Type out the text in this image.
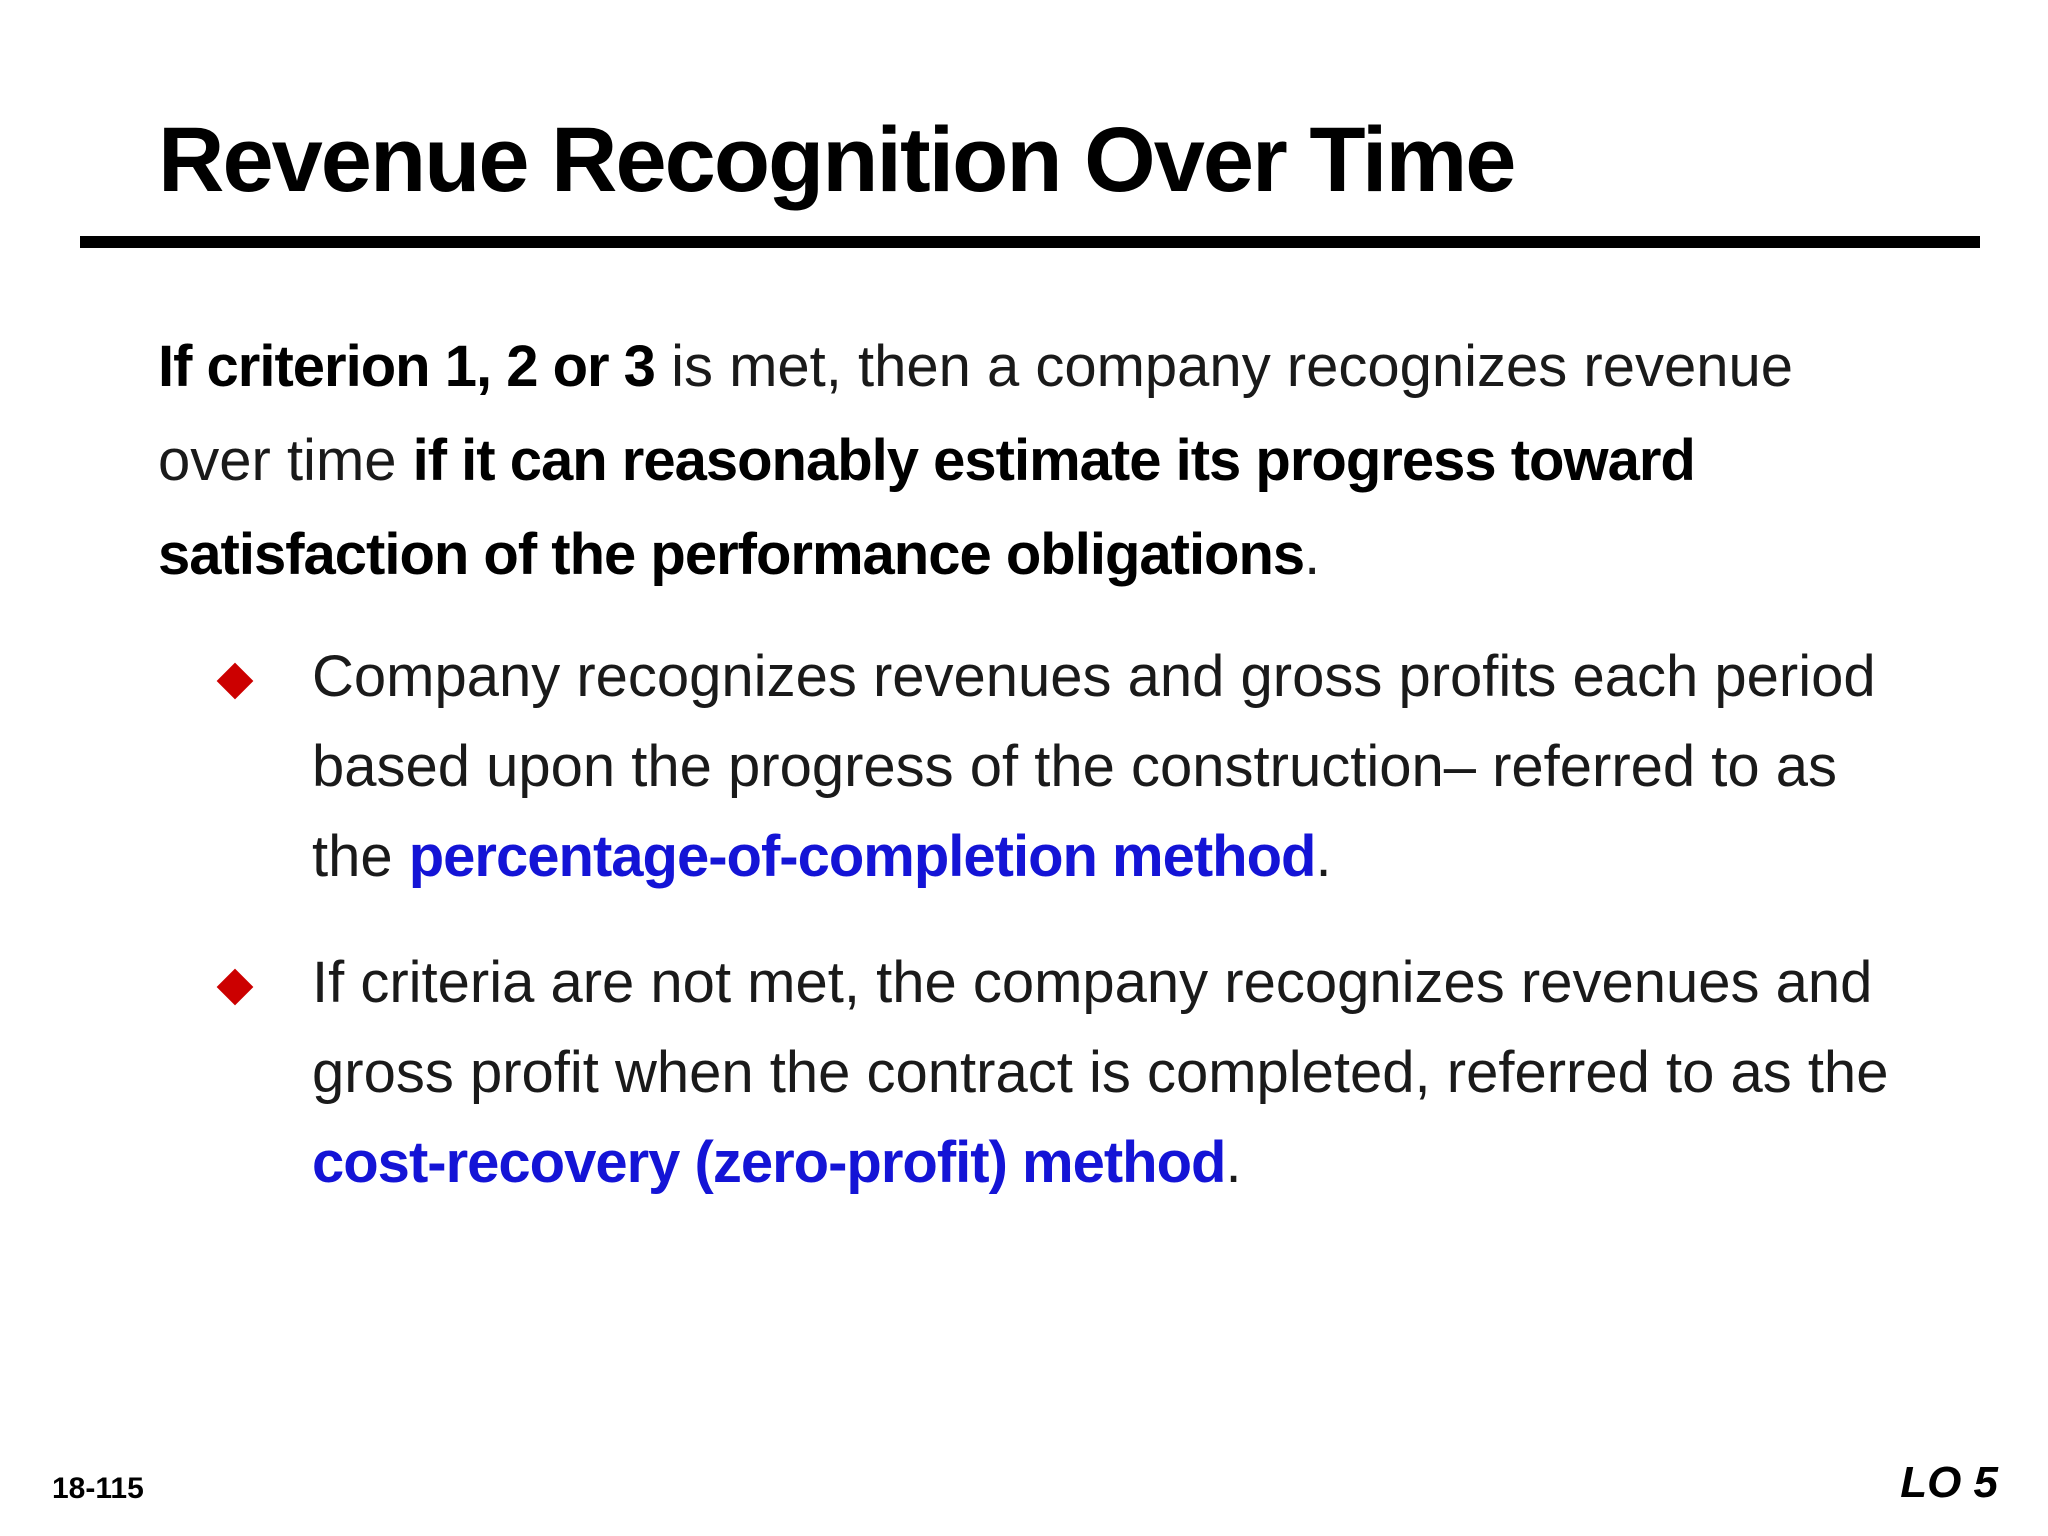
Revenue Recognition Over Time
If criterion 1, 2 or 3 is met, then a company recognizes revenue over time if it can reasonably estimate its progress toward satisfaction of the performance obligations.
Company recognizes revenues and gross profits each period based upon the progress of the construction– referred to as the percentage-of-completion method.
If criteria are not met, the company recognizes revenues and gross profit when the contract is completed, referred to as the cost-recovery (zero-profit) method.
18-115	LO 5
